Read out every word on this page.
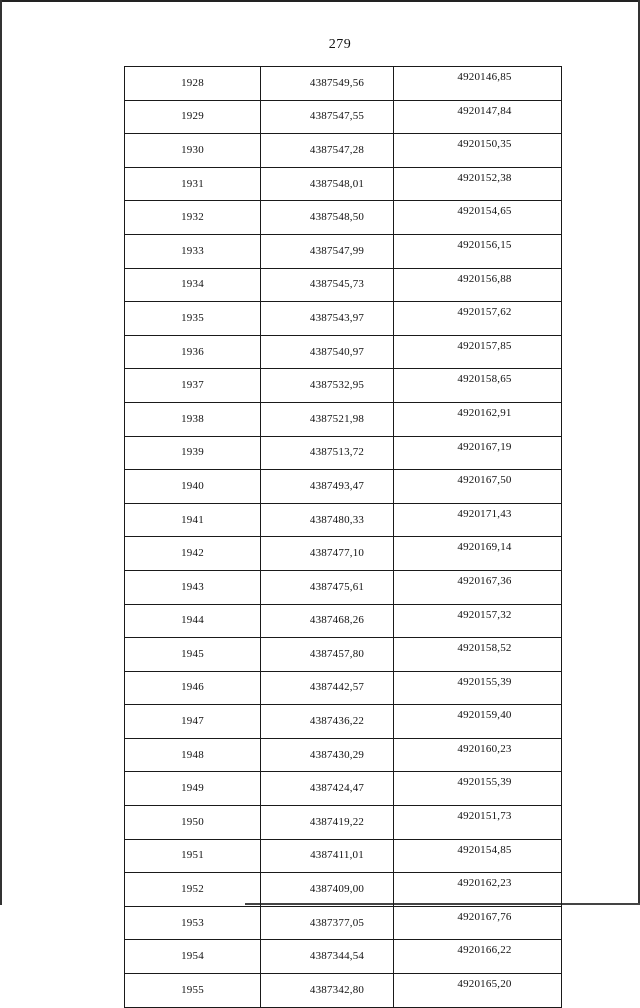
279
1928	4387549,56	4920146,85
1929	4387547,55	4920147,84
1930	4387547,28	4920150,35
1931	4387548,01	4920152,38
1932	4387548,50	4920154,65
1933	4387547,99	4920156,15
1934	4387545,73	4920156,88
1935	4387543,97	4920157,62
1936	4387540,97	4920157,85
1937	4387532,95	4920158,65
1938	4387521,98	4920162,91
1939	4387513,72	4920167,19
1940	4387493,47	4920167,50
1941	4387480,33	4920171,43
1942	4387477,10	4920169,14
1943	4387475,61	4920167,36
1944	4387468,26	4920157,32
1945	4387457,80	4920158,52
1946	4387442,57	4920155,39
1947	4387436,22	4920159,40
1948	4387430,29	4920160,23
1949	4387424,47	4920155,39
1950	4387419,22	4920151,73
1951	4387411,01	4920154,85
1952	4387409,00	4920162,23
1953	4387377,05	4920167,76
1954	4387344,54	4920166,22
1955	4387342,80	4920165,20
